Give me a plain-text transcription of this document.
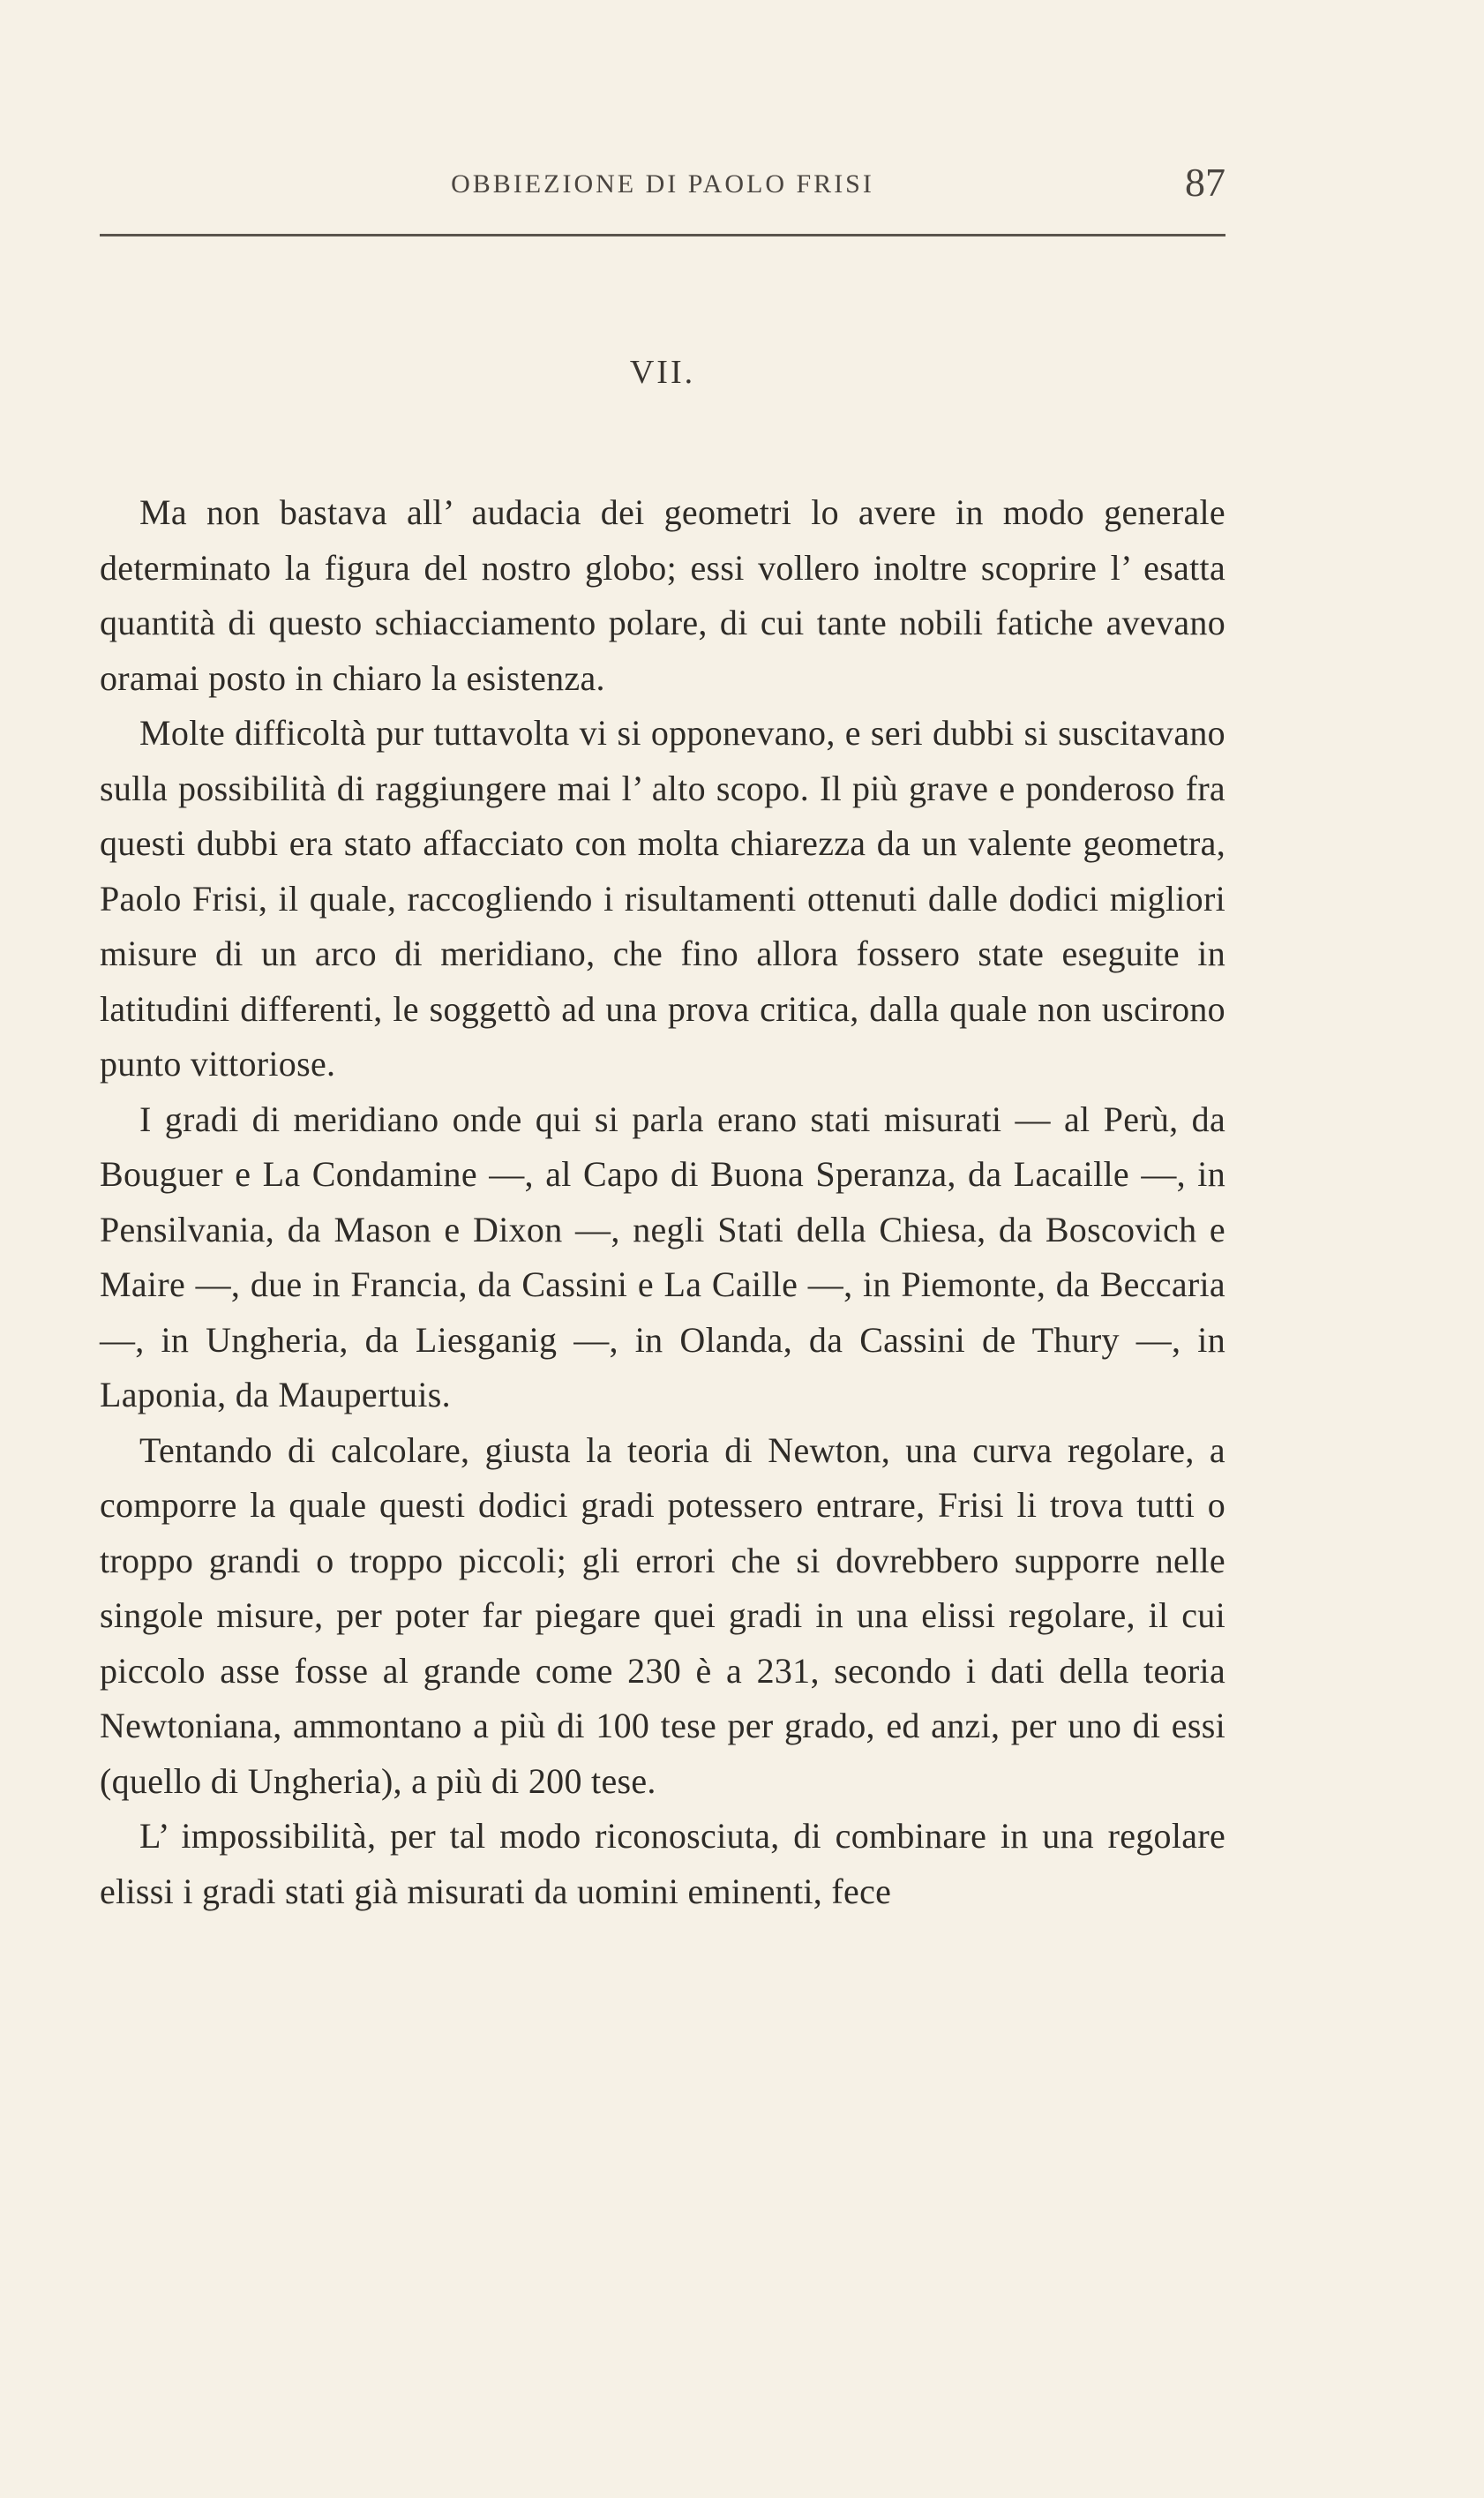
OBBIEZIONE DI PAOLO FRISI	87
VII.

Ma non bastava all’ audacia dei geometri lo avere in modo generale determinato la figura del nostro globo; essi vollero inoltre scoprire l’ esatta quantità di questo schiacciamento polare, di cui tante nobili fatiche avevano oramai posto in chiaro la esistenza.

Molte difficoltà pur tuttavolta vi si opponevano, e seri dubbi si suscitavano sulla possibilità di raggiungere mai l’ alto scopo. Il più grave e ponderoso fra questi dubbi era stato affacciato con molta chiarezza da un valente geometra, Paolo Frisi, il quale, raccogliendo i risultamenti ottenuti dalle dodici migliori misure di un arco di meridiano, che fino allora fossero state eseguite in latitudini differenti, le soggettò ad una prova critica, dalla quale non uscirono punto vittoriose.

I gradi di meridiano onde qui si parla erano stati misurati — al Perù, da Bouguer e La Condamine —, al Capo di Buona Speranza, da Lacaille —, in Pensilvania, da Mason e Dixon —, negli Stati della Chiesa, da Boscovich e Maire —, due in Francia, da Cassini e La Caille —, in Piemonte, da Beccaria —, in Ungheria, da Liesganig —, in Olanda, da Cassini de Thury —, in Laponia, da Maupertuis.

Tentando di calcolare, giusta la teoria di Newton, una curva regolare, a comporre la quale questi dodici gradi potessero entrare, Frisi li trova tutti o troppo grandi o troppo piccoli; gli errori che si dovrebbero supporre nelle singole misure, per poter far piegare quei gradi in una elissi regolare, il cui piccolo asse fosse al grande come 230 è a 231, secondo i dati della teoria Newtoniana, ammontano a più di 100 tese per grado, ed anzi, per uno di essi (quello di Ungheria), a più di 200 tese.

L’ impossibilità, per tal modo riconosciuta, di combinare in una regolare elissi i gradi stati già misurati da uomini eminenti, fece
